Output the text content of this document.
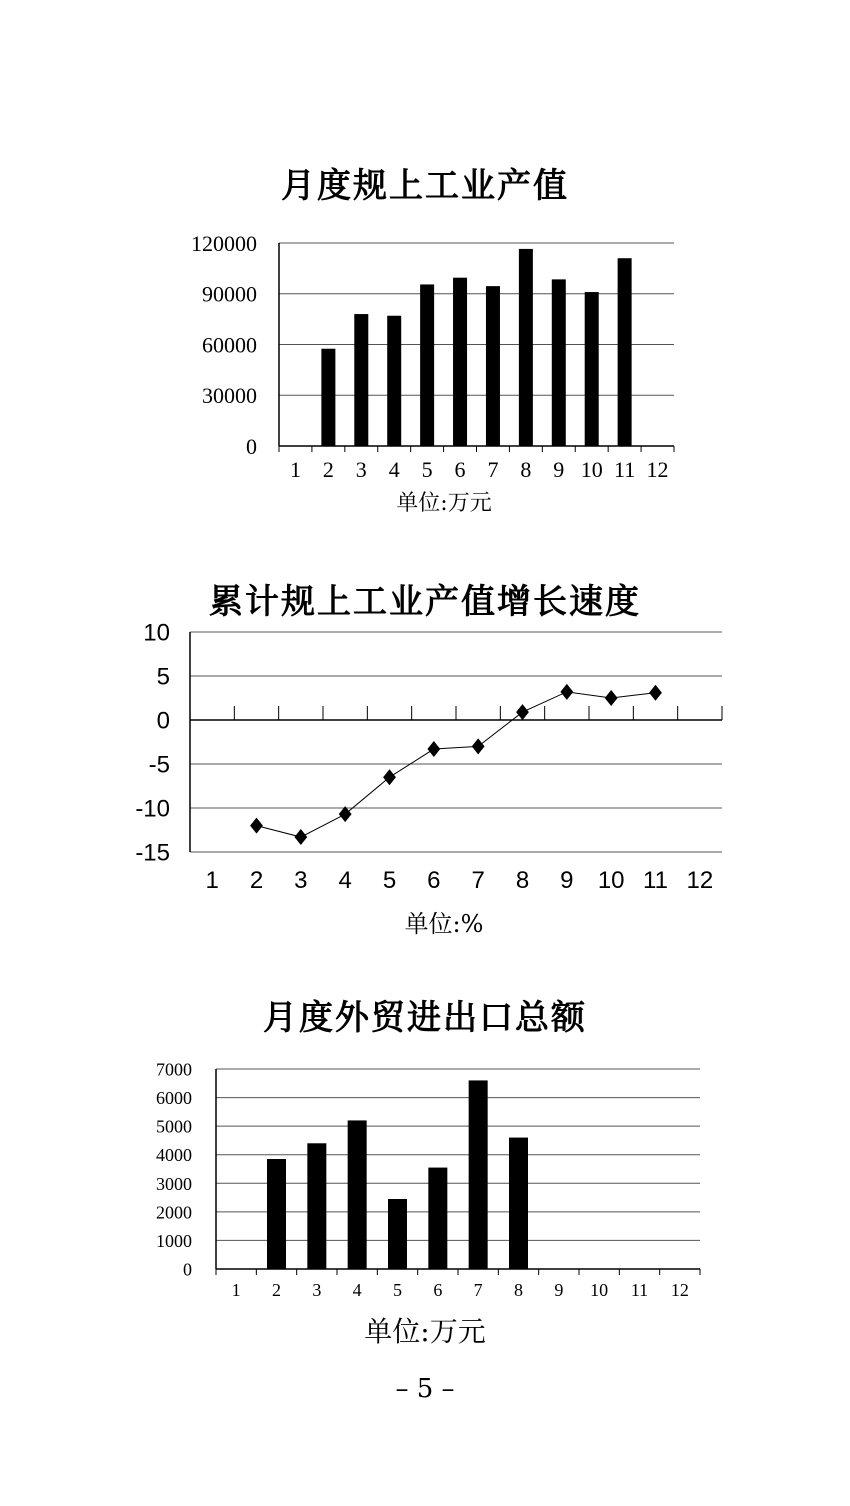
月度规上工业产值
累计规上工业产值增长速度
月度外贸进出口总额
单位:万元
单位:%
单位:万元
– 5 –
0
30000
60000
90000
120000
1 2 3 4 5 6 7 8 9 10 11 12
10
5
0
-5
-10
-15
1 2 3 4 5 6 7 8 9 10 11 12
0
1000
2000
3000
4000
5000
6000
7000
1 2 3 4 5 6 7 8 9 10 11 12
